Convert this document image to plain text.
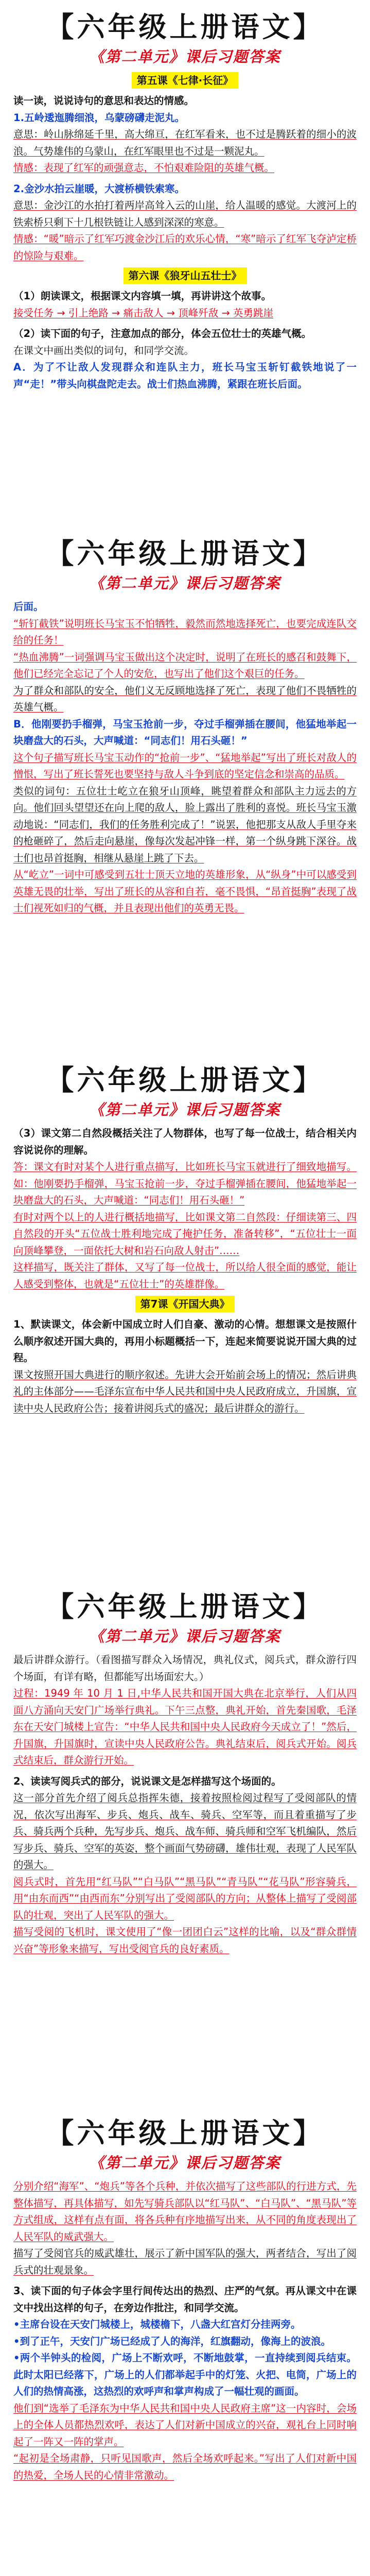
【六年级上册语文】
《第二单元》课后习题答案
第五课《七律·长征》

读一读，说说诗句的意思和表达的情感。

1.五岭逶迤腾细浪，乌蒙磅礴走泥丸。

意思：岭山脉绵延千里，高大绵亘，在红军看来，也不过是腾跃着的细小的波浪。气势雄伟的乌蒙山，在红军眼里也不过是一颗泥丸。

情感：表现了红军的顽强意志，不怕艰难险阻的英雄气概。

2.金沙水拍云崖暖，大渡桥横铁索寒。

意思：金沙江的水拍打着两岸高耸入云的山崖，给人温暖的感觉。大渡河上的铁索桥只剩下十几根铁链让人感到深深的寒意。

情感：“暖”暗示了红军巧渡金沙江后的欢乐心情，“寒”暗示了红军飞夺泸定桥的惊险与艰难。

第六课《狼牙山五壮士》

（1）朗读课文，根据课文内容填一填，再讲讲这个故事。

接受任务 → 引上绝路 → 痛击敌人 → 顶峰歼敌 → 英勇跳崖

（2）读下面的句子，注意加点的部分，体会五位壮士的英雄气概。

在课文中画出类似的词句，和同学交流。

A．为了不让敌人发现群众和连队主力，班长马宝玉斩钉截铁地说了一声“走！”带头向棋盘陀走去。战士们热血沸腾，紧跟在班长后面。

【六年级上册语文】
《第二单元》课后习题答案

后面。

“斩钉截铁”说明班长马宝玉不怕牺牲，毅然而然地选择死亡，也要完成连队交给的任务！

“热血沸腾”一词强调马宝玉做出这个决定时，说明了在班长的感召和鼓舞下，他们已经完全忘记了个人的安危，也写出了他们这个艰巨的任务。

为了群众和部队的安全，他们义无反顾地选择了死亡，表现了他们不畏牺牲的英雄气概。

B．他刚要扔手榴弹，马宝玉抢前一步，夺过手榴弹插在腰间，他猛地举起一块磨盘大的石头，大声喊道：“同志们！用石头砸！”

这个句子描写班长马宝玉动作的“抢前一步”、“猛地举起”写出了班长对敌人的憎恨，写出了班长誓死也要坚持与敌人斗争到底的坚定信念和崇高的品质。

类似的词句：五位壮士屹立在狼牙山顶峰，眺望着群众和部队主力远去的方向。他们回头望望还在向上爬的敌人，脸上露出了胜利的喜悦。班长马宝玉激动地说：“同志们，我们的任务胜利完成了！”说罢，他把那支从敌人手里夺来的枪砸碎了，然后走向悬崖，像每次发起冲锋一样，第一个纵身跳下深谷。战士们也昂首挺胸，相继从悬崖上跳了下去。

从“屹立”一词中可感受到五壮士顶天立地的英雄形象，从“纵身”中可以感受到英雄无畏的壮举，写出了班长的从容和自若，毫不畏惧，“昂首挺胸”表现了战士们视死如归的气概，并且表现出他们的英勇无畏。

【六年级上册语文】
《第二单元》课后习题答案

（3）课文第二自然段概括关注了人物群体，也写了每一位战士，结合相关内容说说你的理解。

答：课文有时对某个人进行重点描写，比如班长马宝玉就进行了细致地描写。如：他刚要扔手榴弹，马宝玉抢前一步，夺过手榴弹插在腰间，他猛地举起一块磨盘大的石头，大声喊道：“同志们！用石头砸！”

有时对两个以上的人进行概括地描写，比如课文第二自然段：仔细读第三、四自然段的开头“五位战士胜利地完成了掩护任务，准备转移”，“五位壮士一面向顶峰攀登，一面依托大树和岩石向敌人射击”……

这样描写，既关注了群体，又写了每一位战士，所以给人很全面的感觉，能让人感受到整体，也就是“五位壮士”的英雄群像。

第7课《开国大典》

1、默读课文，体会新中国成立时人们自豪、激动的心情。想想课文是按照什么顺序叙述开国大典的，再用小标题概括一下，连起来简要说说开国大典的过程。

课文按照开国大典进行的顺序叙述。先讲大会开始前会场上的情况；然后讲典礼的主体部分——毛泽东宣布中华人民共和国中央人民政府成立，升国旗，宣读中央人民政府公告；接着讲阅兵式的盛况；最后讲群众的游行。

【六年级上册语文】
《第二单元》课后习题答案

最后讲群众游行。（看图描写群众入场情况，典礼仪式，阅兵式，群众游行四个场面，有详有略，但都能写出场面宏大。）

过程：1949 年 10 月 1 日,中华人民共和国开国大典在北京举行，人们从四面八方涌向天安门广场举行典礼。下午三点整，典礼开始，首先秦国歌，毛泽东在天安门城楼上宣告：“中华人民共和国中央人民政府今天成立了！”然后，升国旗，升国旗时，宣读中央人民政府公告。典礼结束后，阅兵式开始。阅兵式结束后，群众游行开始。

2、读读写阅兵式的部分，说说课文是怎样描写这个场面的。

这一部分首先介绍了阅兵总指挥朱德，接着按照检阅过程写了受阅部队的情况，依次写出海军、步兵、炮兵、战车、骑兵、空军等，而且着重描写了步兵、骑兵两个兵种，先写步兵、炮兵、战车师、骑兵师和空军飞机编队，然后写步兵、骑兵、空军的英姿，整个画面气势磅礴，雄伟壮观，表现了人民军队的强大。

阅兵式时，首先用“红马队”“白马队”“黑马队”“青马队”“花马队”形容骑兵，用“由东而西”“由西而东”分别写出了受阅部队的方向；从整体上描写了受阅部队的壮观，突出了人民军队的强大。

描写受阅的飞机时，课文使用了“像一团团白云”这样的比喻，以及“群众群情兴奋”等形象来描写，写出受阅官兵的良好素质。

【六年级上册语文】
《第二单元》课后习题答案

分别介绍“海军”、“炮兵”等各个兵种，并依次描写了这些部队的行进方式，先整体描写，再具体描写，如先写骑兵部队以“红马队”、“白马队”、“黑马队”等方式组成，这样有点有面，将各兵种有序地描写出来，从不同的角度表现出了人民军队的威武强大。

描写了受阅官兵的威武雄壮，展示了新中国军队的强大，两者结合，写出了阅兵式的壮观景象。

3、读下面的句子体会字里行间传达出的热烈、庄严的气氛。再从课文中在课文中找出这样的句子，在旁边作批注，和同学交流。

•主席台设在天安门城楼上，城楼檐下，八盏大红宫灯分挂两旁。

•到了正午，天安门广场已经成了人的海洋，红旗翻动，像海上的波浪。

•两个半钟头的检阅，广场上不断欢呼，不断地鼓掌，一直持续到阅兵结束。此时太阳已经落下，广场上的人们都举起手中的灯笼、火把、电筒，广场上的人们的热情高涨，这热烈的欢呼声和掌声构成了一幅壮观的画面。

他们到“选举了毛泽东为中华人民共和国中央人民政府主席”这一内容时，会场上的全体人员都热烈欢呼，表达了人们对新中国成立的兴奋，观礼台上同时响起了一阵又一阵的掌声。

“起初是全场肃静，只听见国歌声，然后全场欢呼起来。”写出了人们对新中国的热爱，全场人民的心情非常激动。
